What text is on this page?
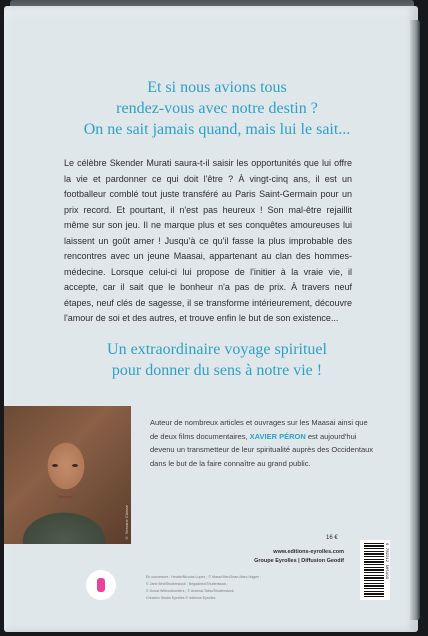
Et si nous avions tous
rendez-vous avec notre destin ?
On ne sait jamais quand, mais lui le sait...
Le célèbre Skender Murati saura-t-il saisir les opportunités que lui offre la vie et pardonner ce qui doit l'être ? À vingt-cinq ans, il est un footballeur comblé tout juste transféré au Paris Saint-Germain pour un prix record. Et pourtant, il n'est pas heureux ! Son mal-être rejaillit même sur son jeu. Il ne marque plus et ses conquêtes amoureuses lui laissent un goût amer ! Jusqu'à ce qu'il fasse la plus improbable des rencontres avec un jeune Maasai, appartenant au clan des hommes-médecine. Lorsque celui-ci lui propose de l'initier à la vraie vie, il accepte, car il sait que le bonheur n'a pas de prix. À travers neuf étapes, neuf clés de sagesse, il se transforme intérieurement, découvre l'amour de soi et des autres, et trouve enfin le but de son existence...
Un extraordinaire voyage spirituel
pour donner du sens à notre vie !
© Servane Claisse
Auteur de nombreux articles et ouvrages sur les Maasai ainsi que de deux films documentaires, XAVIER PÉRON est aujourd'hui devenu un transmetteur de leur spiritualité auprès des Occidentaux dans le but de la faire connaître au grand public.
16 €
www.editions-eyrolles.com
Groupe Eyrolles | Diffusion Geodif	9 782212 565193
En couverture : Heads/Nicolas Lopez ; © Masai Men/Jean-Marc Hagen ;
© Jane Bird/Shutterstock ; Brigadeiro/Shutterstock ;
© Donal.Withoutborders ; © Arsenal.Tabio/Shutterstock
Création Studio Eyrolles © éditions Eyrolles
